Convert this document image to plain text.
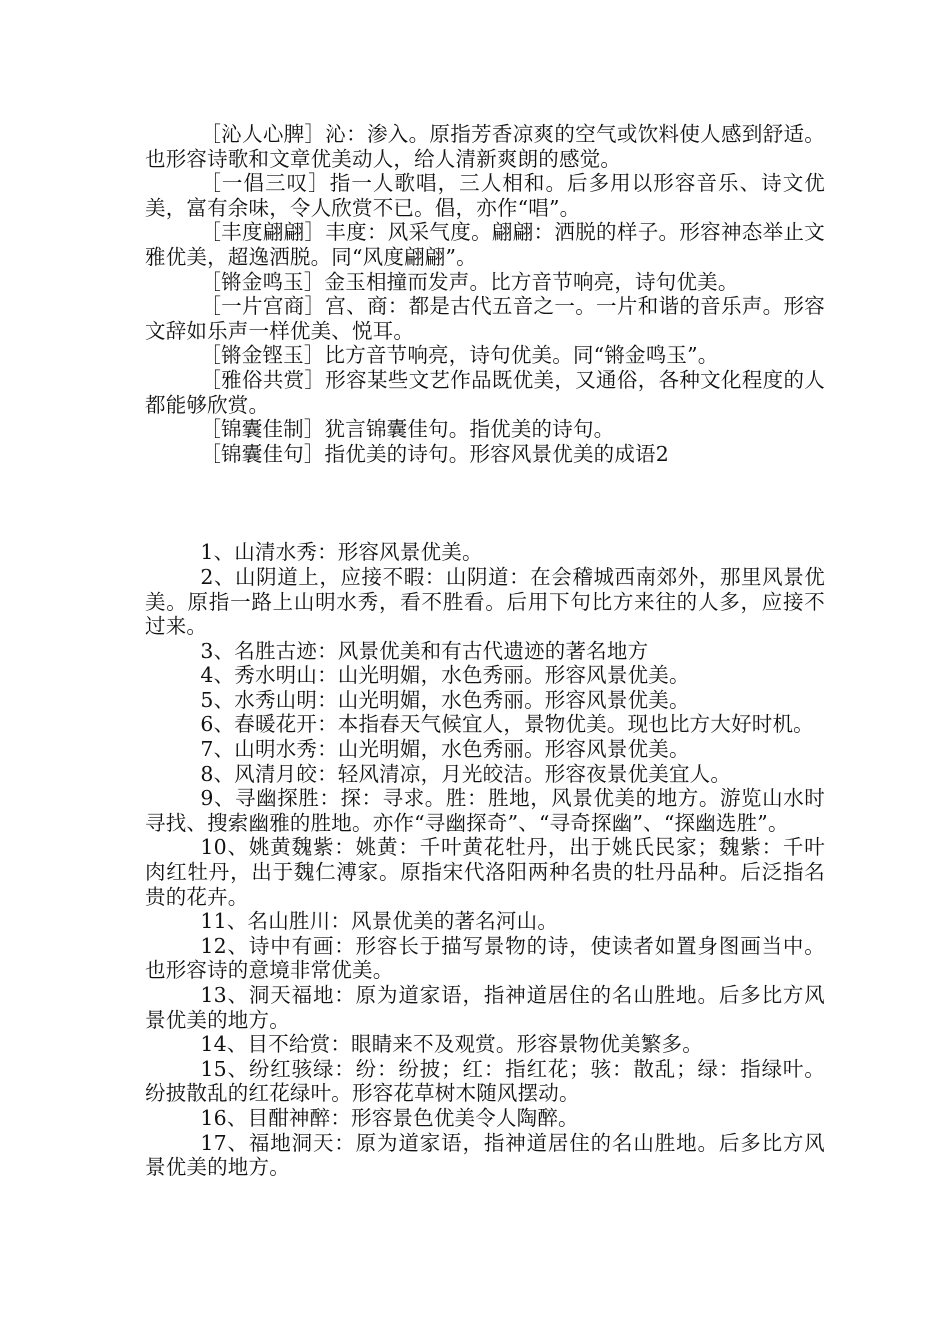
［沁人心脾］沁：渗入。原指芳香凉爽的空气或饮料使人感到舒适。也形容诗歌和文章优美动人，给人清新爽朗的感觉。

［一倡三叹］指一人歌唱，三人相和。后多用以形容音乐、诗文优美，富有余味，令人欣赏不已。倡，亦作“唱”。

［丰度翩翩］丰度：风采气度。翩翩：洒脱的样子。形容神态举止文雅优美，超逸洒脱。同“风度翩翩”。

［锵金鸣玉］金玉相撞而发声。比方音节响亮，诗句优美。

［一片宫商］宫、商：都是古代五音之一。一片和谐的音乐声。形容文辞如乐声一样优美、悦耳。

［锵金铿玉］比方音节响亮，诗句优美。同“锵金鸣玉”。

［雅俗共赏］形容某些文艺作品既优美，又通俗，各种文化程度的人都能够欣赏。

［锦囊佳制］犹言锦囊佳句。指优美的诗句。

［锦囊佳句］指优美的诗句。形容风景优美的成语2

1、山清水秀：形容风景优美。

2、山阴道上，应接不暇：山阴道：在会稽城西南郊外，那里风景优美。原指一路上山明水秀，看不胜看。后用下句比方来往的人多，应接不过来。

3、名胜古迹：风景优美和有古代遗迹的著名地方

4、秀水明山：山光明媚，水色秀丽。形容风景优美。

5、水秀山明：山光明媚，水色秀丽。形容风景优美。

6、春暖花开：本指春天气候宜人，景物优美。现也比方大好时机。

7、山明水秀：山光明媚，水色秀丽。形容风景优美。

8、风清月皎：轻风清凉，月光皎洁。形容夜景优美宜人。

9、寻幽探胜：探：寻求。胜：胜地，风景优美的地方。游览山水时寻找、搜索幽雅的胜地。亦作“寻幽探奇”、“寻奇探幽”、“探幽选胜”。

10、姚黄魏紫：姚黄：千叶黄花牡丹，出于姚氏民家；魏紫：千叶肉红牡丹，出于魏仁溥家。原指宋代洛阳两种名贵的牡丹品种。后泛指名贵的花卉。

11、名山胜川：风景优美的著名河山。

12、诗中有画：形容长于描写景物的诗，使读者如置身图画当中。也形容诗的意境非常优美。

13、洞天福地：原为道家语，指神道居住的名山胜地。后多比方风景优美的地方。

14、目不给赏：眼睛来不及观赏。形容景物优美繁多。

15、纷红骇绿：纷：纷披；红：指红花；骇：散乱；绿：指绿叶。纷披散乱的红花绿叶。形容花草树木随风摆动。

16、目酣神醉：形容景色优美令人陶醉。

17、福地洞天：原为道家语，指神道居住的名山胜地。后多比方风景优美的地方。
